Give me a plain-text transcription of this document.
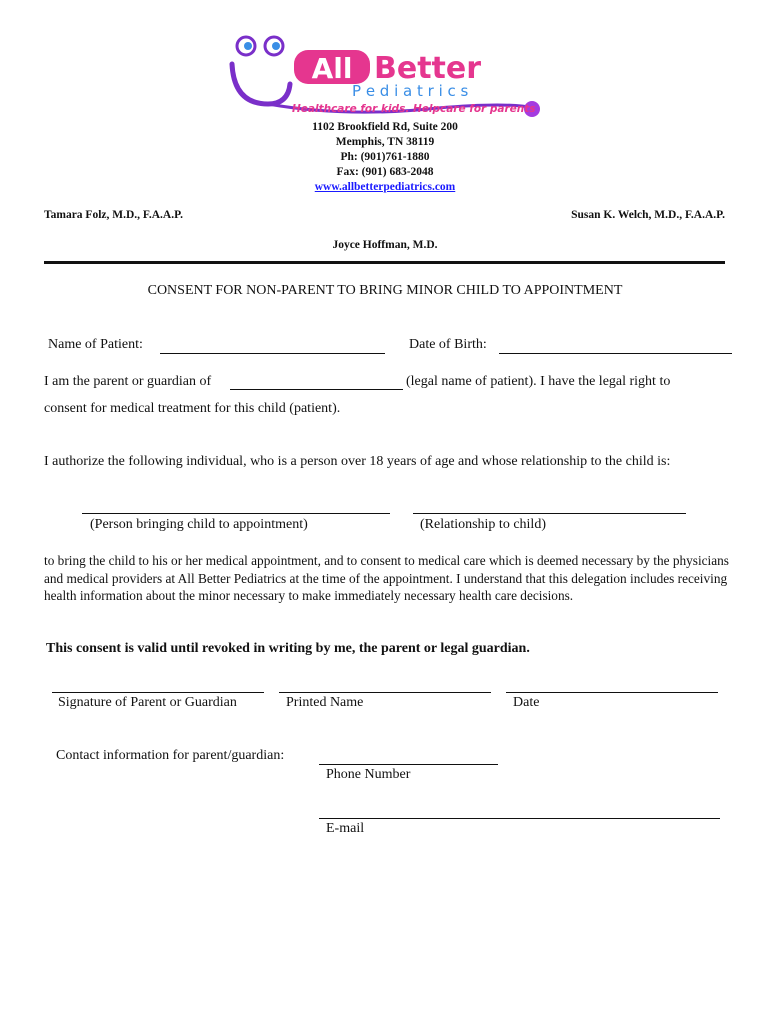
All Better
P e d i a t r i c s
Healthcare for kids. Helpcare for parents
1102 Brookfield Rd, Suite 200
Memphis, TN 38119
Ph: (901)761-1880
Fax: (901) 683-2048
www.allbetterpediatrics.com
Tamara Folz, M.D., F.A.A.P.	Susan K. Welch, M.D., F.A.A.P.
Joyce Hoffman, M.D.
CONSENT FOR NON-PARENT TO BRING MINOR CHILD TO APPOINTMENT
Name of Patient:	Date of Birth:
I am the parent or guardian of	(legal name of patient). I have the legal right to
consent for medical treatment for this child (patient).
I authorize the following individual, who is a person over 18 years of age and whose relationship to the child is:
(Person bringing child to appointment)	(Relationship to child)
to bring the child to his or her medical appointment, and to consent to medical care which is deemed necessary by the physicians and medical providers at All Better Pediatrics at the time of the appointment. I understand that this delegation includes receiving health information about the minor necessary to make immediately necessary health care decisions.
This consent is valid until revoked in writing by me, the parent or legal guardian.
Signature of Parent or Guardian	Printed Name	Date
Contact information for parent/guardian:
Phone Number
E-mail
